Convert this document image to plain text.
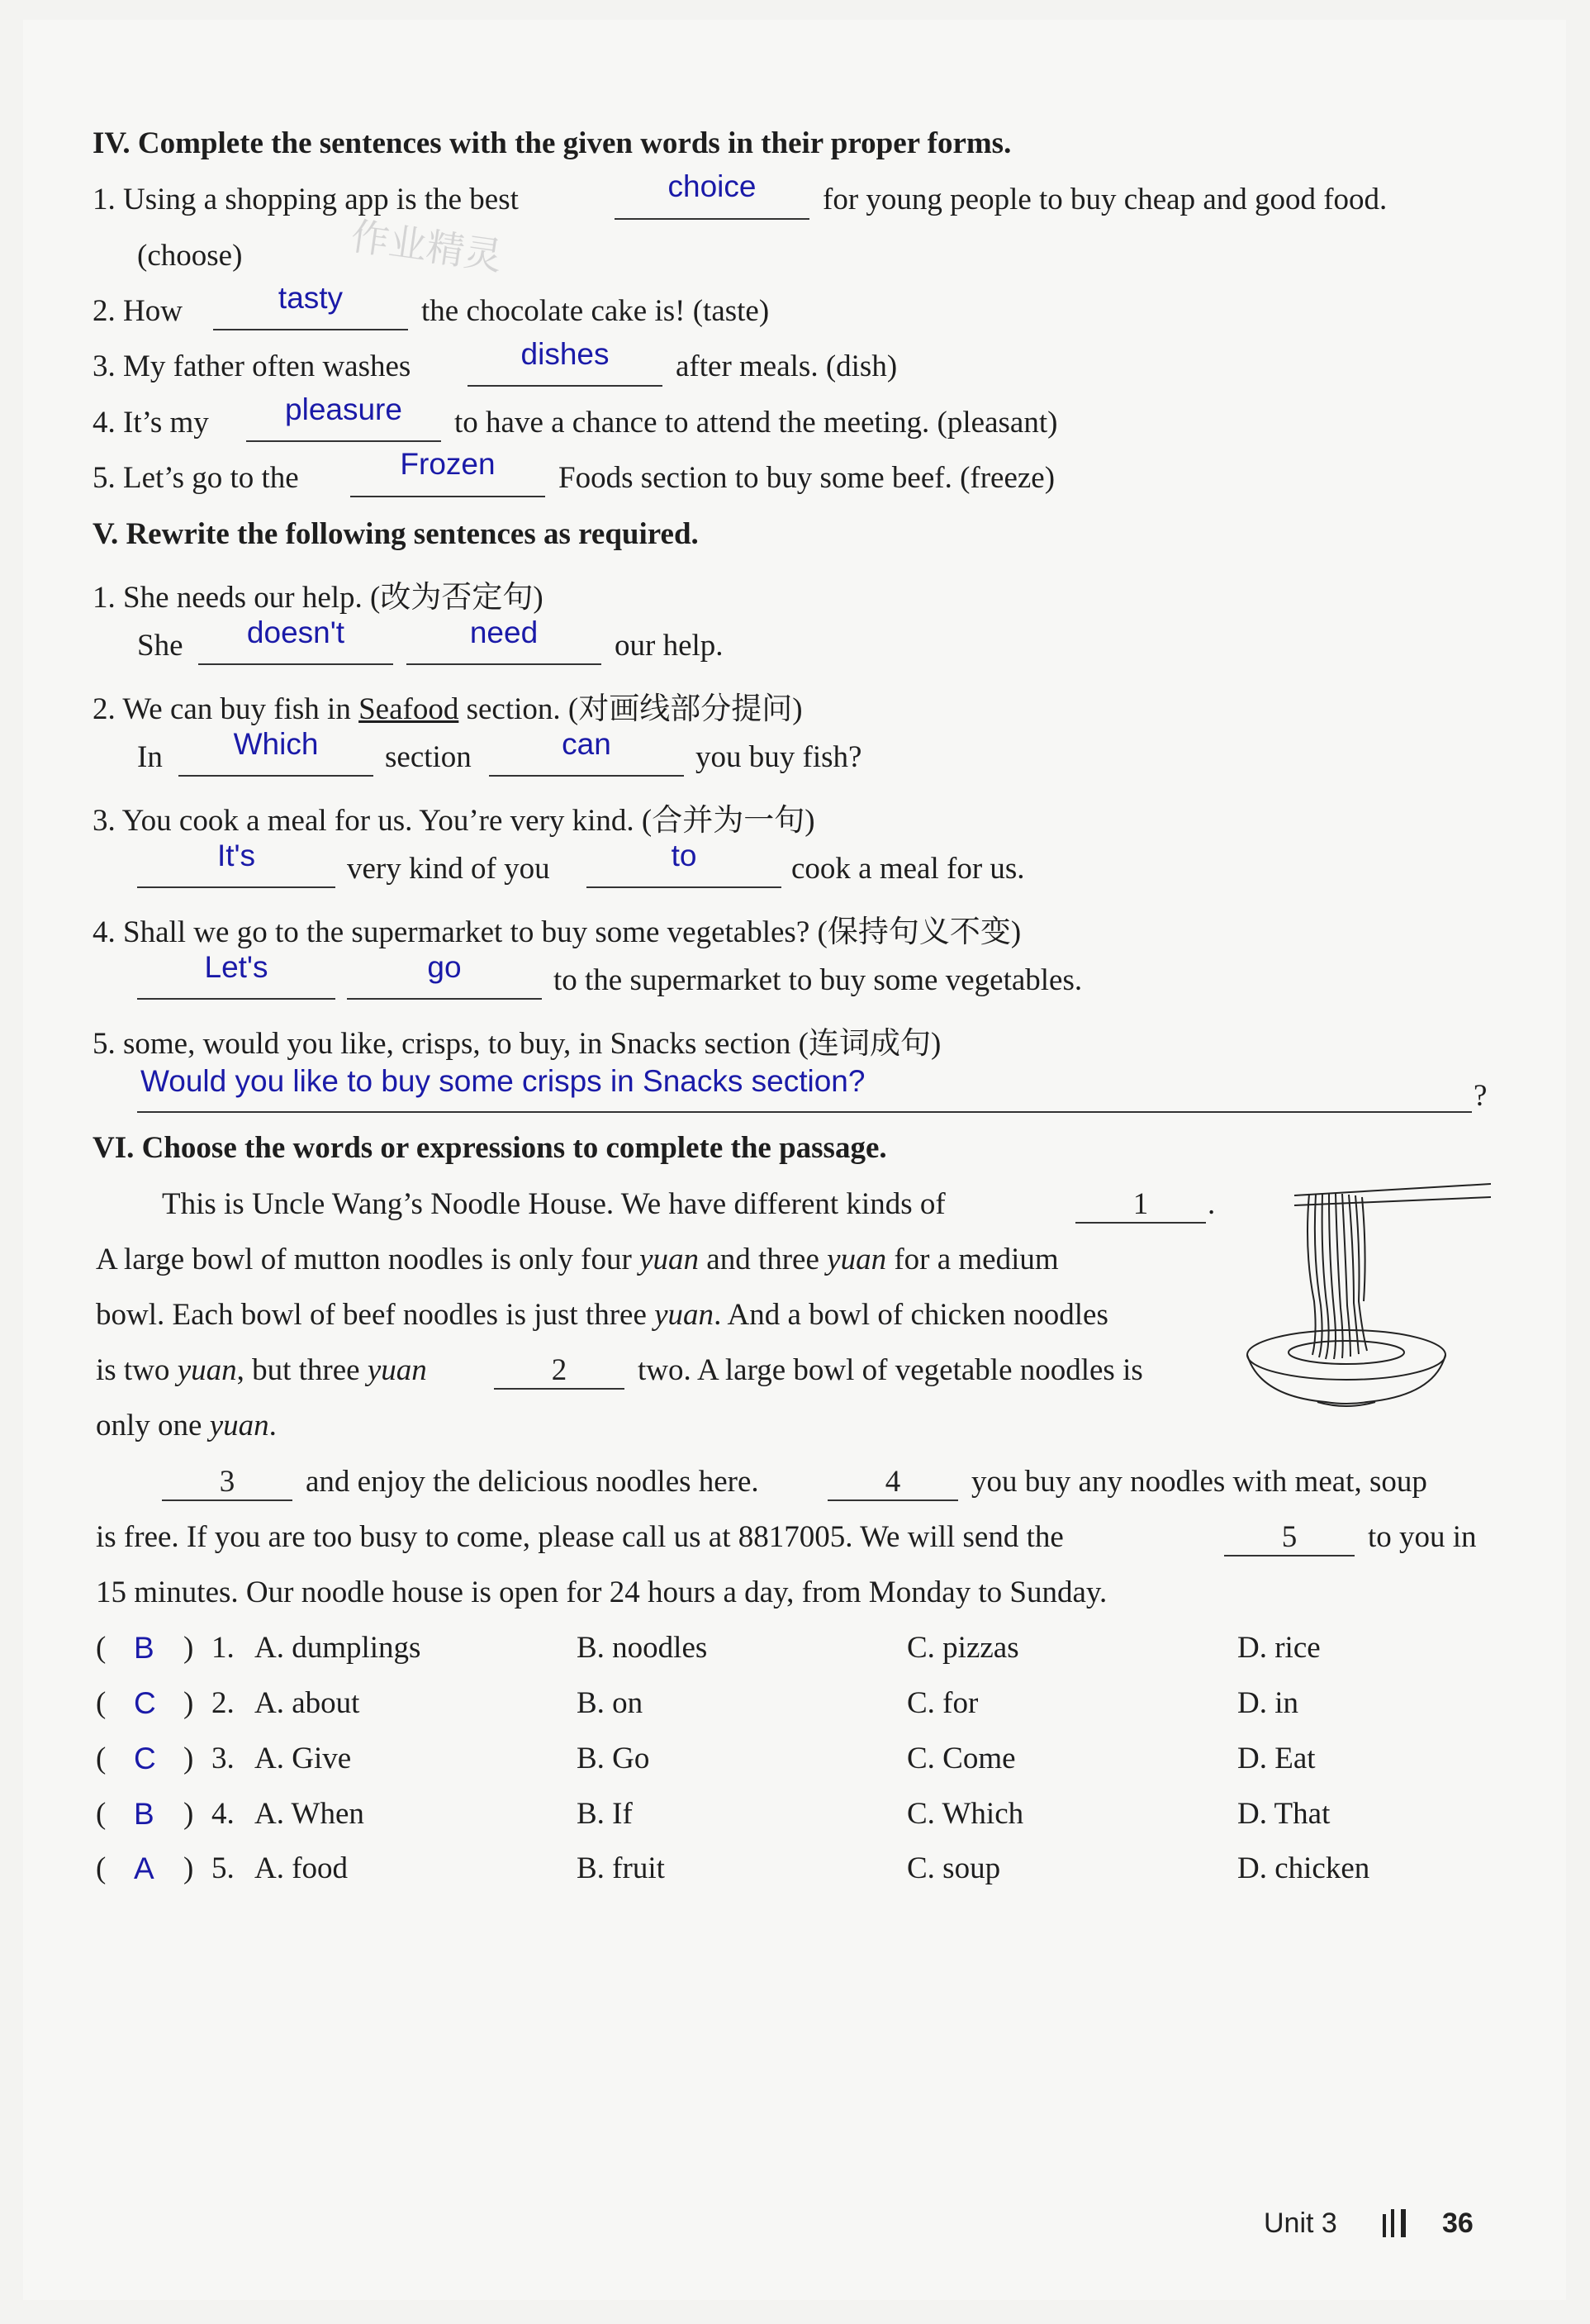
作业精灵
IV. Complete the sentences with the given words in their proper forms.
1. Using a shopping app is the best	choice	for young people to buy cheap and good food.
(choose)
2. How	tasty	the chocolate cake is! (taste)
3. My father often washes	dishes	after meals. (dish)
4. It’s my	pleasure	to have a chance to attend the meeting. (pleasant)
5. Let’s go to the	Frozen	Foods section to buy some beef. (freeze)
V. Rewrite the following sentences as required.
1. She needs our help. (改为否定句)
She	doesn't	need	our help.
2. We can buy fish in Seafood section. (对画线部分提问)
In	Which	section	can	you buy fish?
3. You cook a meal for us. You’re very kind. (合并为一句)
It's	very kind of you	to	cook a meal for us.
4. Shall we go to the supermarket to buy some vegetables? (保持句义不变)
Let's	go	to the supermarket to buy some vegetables.
5. some, would you like, crisps, to buy, in Snacks section (连词成句)
Would you like to buy some crisps in Snacks section?	?
VI. Choose the words or expressions to complete the passage.
This is Uncle Wang’s Noodle House. We have different kinds of	1	.
A large bowl of mutton noodles is only four yuan and three yuan for a medium
bowl. Each bowl of beef noodles is just three yuan. And a bowl of chicken noodles
is two yuan, but three yuan	2	two. A large bowl of vegetable noodles is
only one yuan.
3	and enjoy the delicious noodles here.	4	you buy any noodles with meat, soup
is free. If you are too busy to come, please call us at 8817005. We will send the	5	to you in
15 minutes. Our noodle house is open for 24 hours a day, from Monday to Sunday.
( B ) 1. A. dumplings	B. noodles	C. pizzas	D. rice
( C ) 2. A. about	B. on	C. for	D. in
( C ) 3. A. Give	B. Go	C. Come	D. Eat
( B ) 4. A. When	B. If	C. Which	D. That
( A ) 5. A. food	B. fruit	C. soup	D. chicken
Unit 3	36
